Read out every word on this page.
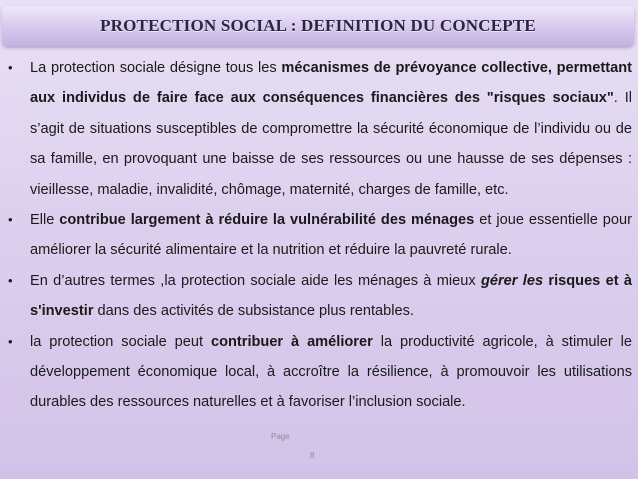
PROTECTION SOCIAL : DEFINITION DU CONCEPTE
• La protection sociale désigne tous les mécanismes de prévoyance collective, permettant aux individus de faire face aux conséquences financières des "risques sociaux". Il s’agit de situations susceptibles de compromettre la sécurité économique de l’individu ou de sa famille, en provoquant une baisse de ses ressources ou une hausse de ses dépenses : vieillesse, maladie, invalidité, chômage, maternité, charges de famille, etc.
• Elle contribue largement à réduire la vulnérabilité des ménages et joue essentielle pour améliorer la sécurité alimentaire et la nutrition et réduire la pauvreté rurale.
• En d’autres termes ,la protection sociale aide les ménages à mieux gérer les risques et à s'investir dans des activités de subsistance plus rentables.
• la protection sociale peut contribuer à améliorer la productivité agricole, à stimuler le développement économique local, à accroître la résilience, à promouvoir les utilisations durables des ressources naturelles et à favoriser l’inclusion sociale.
Page
8
